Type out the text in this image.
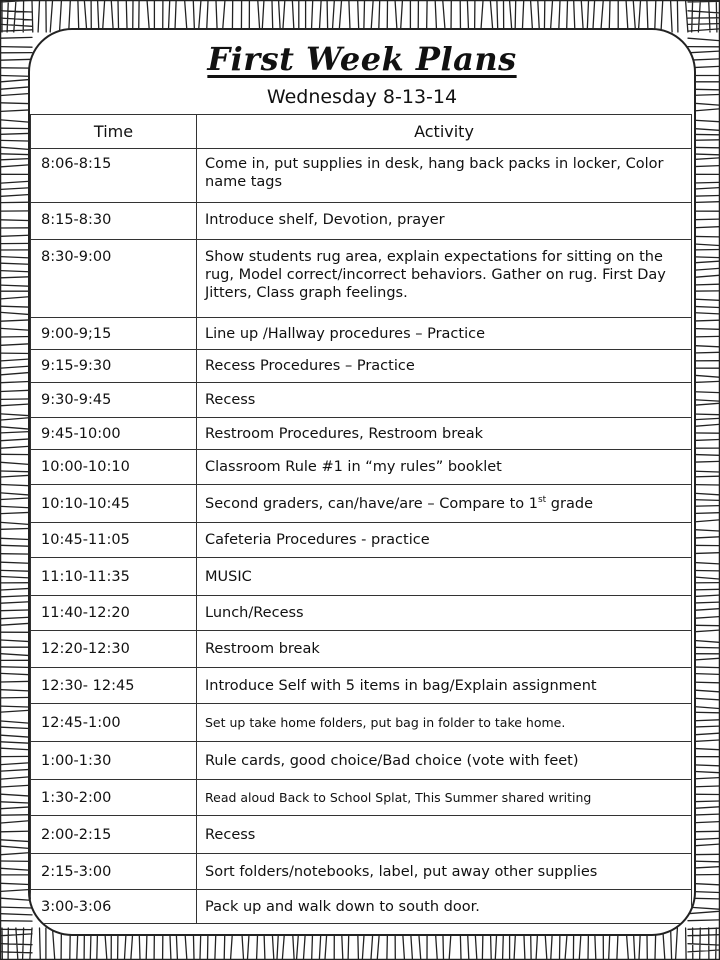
First Week Plans
Wednesday 8-13-14
Time	Activity
8:06-8:15	Come in, put supplies in desk, hang back packs in locker, Color name tags
8:15-8:30	Introduce shelf, Devotion, prayer
8:30-9:00	Show students rug area, explain expectations for sitting on the rug, Model correct/incorrect behaviors. Gather on rug. First Day Jitters, Class graph feelings.
9:00-9;15	Line up /Hallway procedures – Practice
9:15-9:30	Recess Procedures – Practice
9:30-9:45	Recess
9:45-10:00	Restroom Procedures, Restroom break
10:00-10:10	Classroom Rule #1 in “my rules” booklet
10:10-10:45	Second graders, can/have/are – Compare to 1st grade
10:45-11:05	Cafeteria Procedures - practice
11:10-11:35	MUSIC
11:40-12:20	Lunch/Recess
12:20-12:30	Restroom break
12:30- 12:45	Introduce Self with 5 items in bag/Explain assignment
12:45-1:00	Set up take home folders, put bag in folder to take home.
1:00-1:30	Rule cards, good choice/Bad choice (vote with feet)
1:30-2:00	Read aloud Back to School Splat, This Summer shared writing
2:00-2:15	Recess
2:15-3:00	Sort folders/notebooks, label, put away other supplies
3:00-3:06	Pack up and walk down to south door.
